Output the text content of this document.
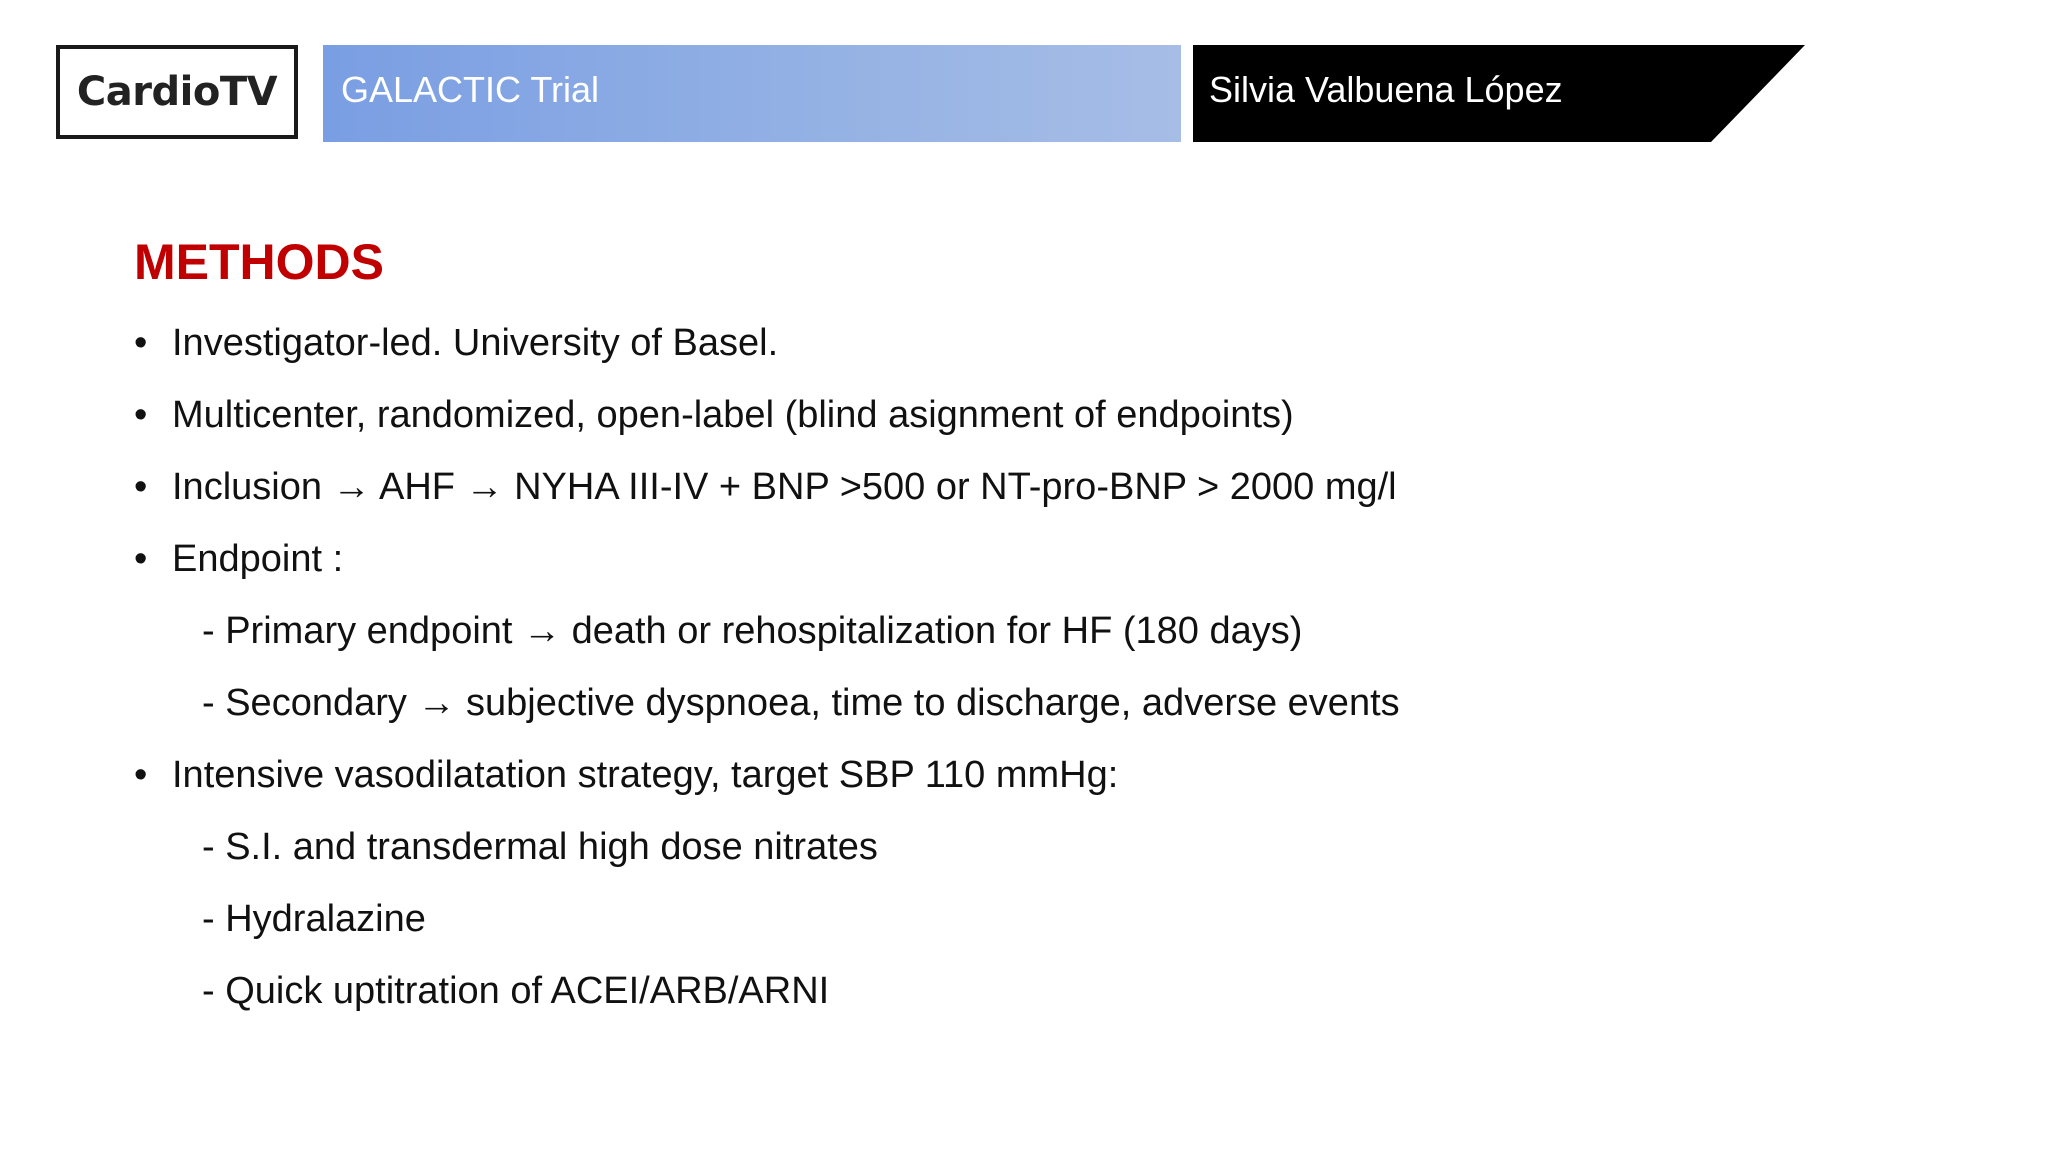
CardioTV GALACTIC Trial	Silvia Valbuena López
METHODS
• Investigator-led. University of Basel.
• Multicenter, randomized, open-label (blind asignment of endpoints)
• Inclusion → AHF → NYHA III-IV + BNP >500 or NT-pro-BNP > 2000 mg/l
• Endpoint :
- Primary endpoint → death or rehospitalization for HF (180 days)
- Secondary → subjective dyspnoea, time to discharge, adverse events
• Intensive vasodilatation strategy, target SBP 110 mmHg:
- S.I. and transdermal high dose nitrates
- Hydralazine
- Quick uptitration of ACEI/ARB/ARNI
